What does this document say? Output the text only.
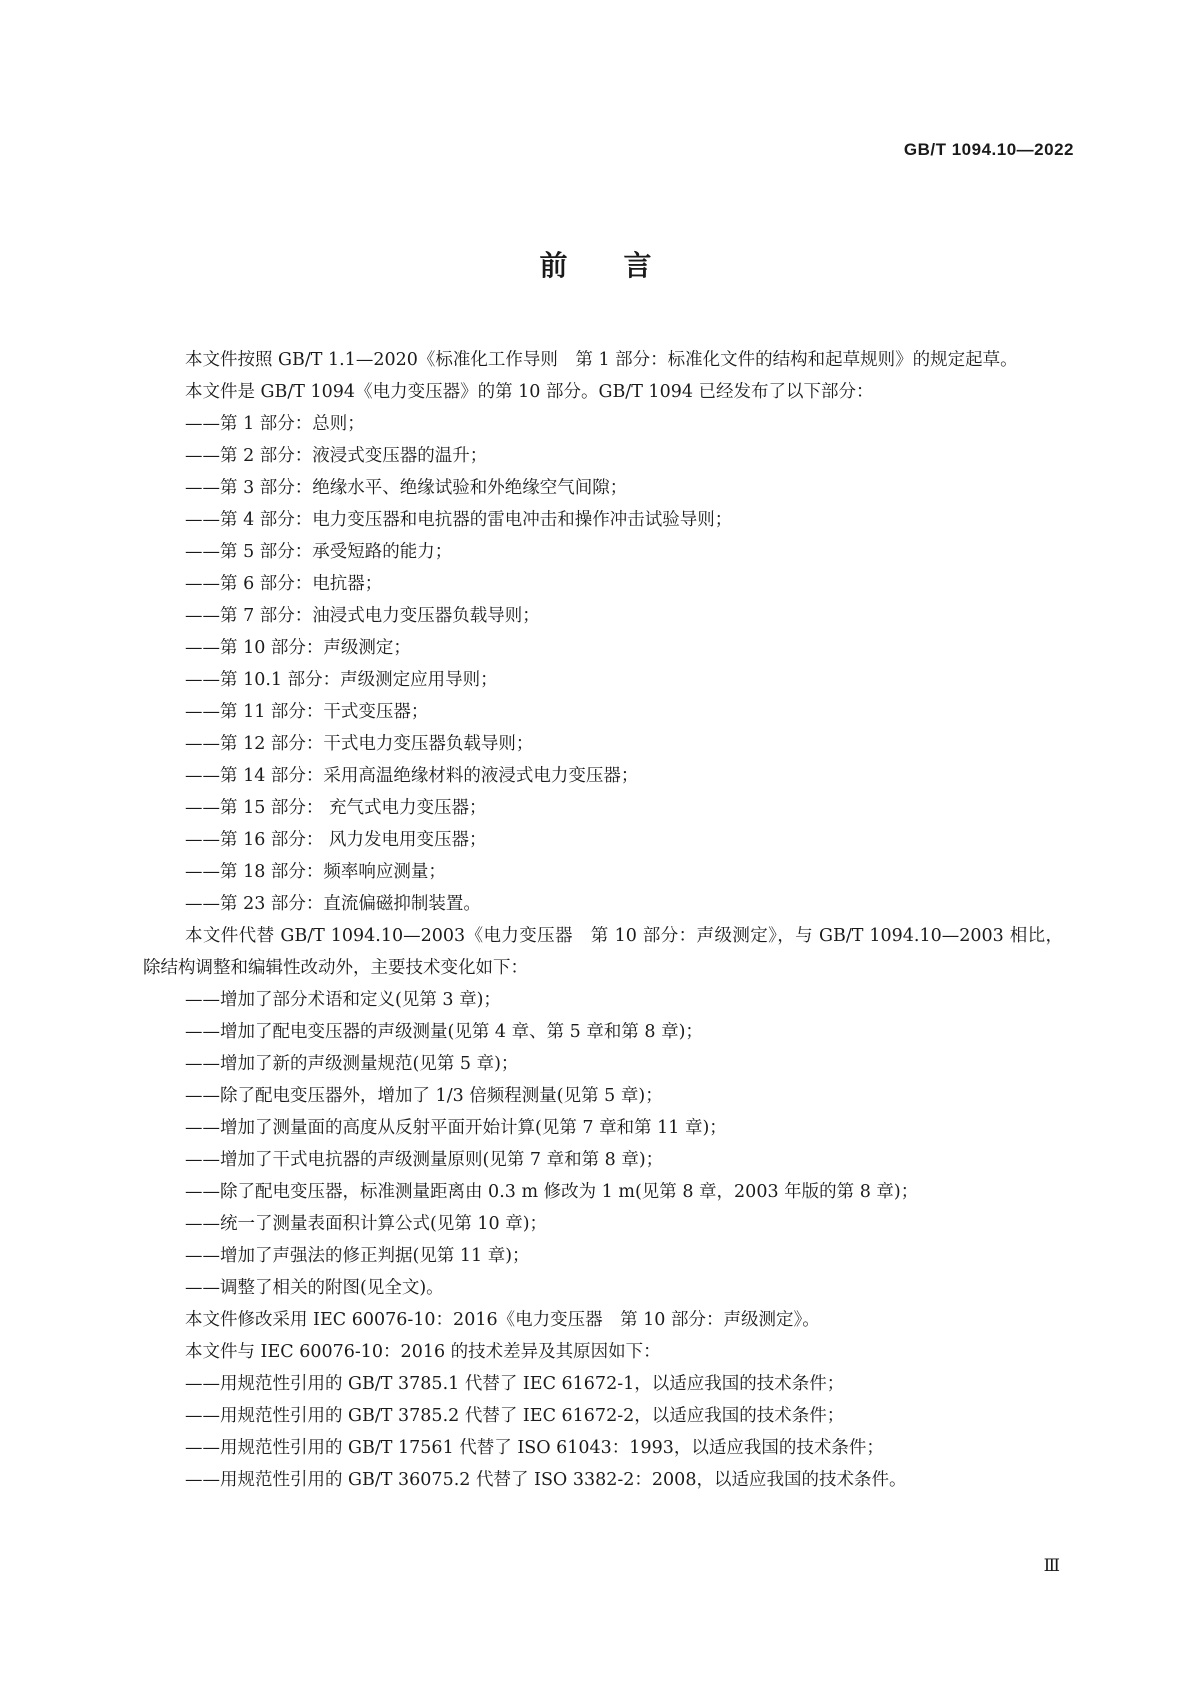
GB/T 1094.10—2022
前言

本文件按照 GB/T 1.1—2020《标准化工作导则　第 1 部分：标准化文件的结构和起草规则》的规定起草。

本文件是 GB/T 1094《电力变压器》的第 10 部分。GB/T 1094 已经发布了以下部分：

——第 1 部分：总则；

——第 2 部分：液浸式变压器的温升；

——第 3 部分：绝缘水平、绝缘试验和外绝缘空气间隙；

——第 4 部分：电力变压器和电抗器的雷电冲击和操作冲击试验导则；

——第 5 部分：承受短路的能力；

——第 6 部分：电抗器；

——第 7 部分：油浸式电力变压器负载导则；

——第 10 部分：声级测定；

——第 10.1 部分：声级测定应用导则；

——第 11 部分：干式变压器；

——第 12 部分：干式电力变压器负载导则；

——第 14 部分：采用高温绝缘材料的液浸式电力变压器；

——第 15 部分： 充气式电力变压器；

——第 16 部分： 风力发电用变压器；

——第 18 部分：频率响应测量；

——第 23 部分：直流偏磁抑制装置。

本文件代替 GB/T 1094.10—2003《电力变压器　第 10 部分：声级测定》，与 GB/T 1094.10—2003 相比，除结构调整和编辑性改动外，主要技术变化如下：

——增加了部分术语和定义(见第 3 章)；

——增加了配电变压器的声级测量(见第 4 章、第 5 章和第 8 章)；

——增加了新的声级测量规范(见第 5 章)；

——除了配电变压器外，增加了 1/3 倍频程测量(见第 5 章)；

——增加了测量面的高度从反射平面开始计算(见第 7 章和第 11 章)；

——增加了干式电抗器的声级测量原则(见第 7 章和第 8 章)；

——除了配电变压器，标准测量距离由 0.3 m 修改为 1 m(见第 8 章，2003 年版的第 8 章)；

——统一了测量表面积计算公式(见第 10 章)；

——增加了声强法的修正判据(见第 11 章)；

——调整了相关的附图(见全文)。

本文件修改采用 IEC 60076-10：2016《电力变压器　第 10 部分：声级测定》。

本文件与 IEC 60076-10：2016 的技术差异及其原因如下：

——用规范性引用的 GB/T 3785.1 代替了 IEC 61672-1，以适应我国的技术条件；

——用规范性引用的 GB/T 3785.2 代替了 IEC 61672-2，以适应我国的技术条件；

——用规范性引用的 GB/T 17561 代替了 ISO 61043：1993，以适应我国的技术条件；

——用规范性引用的 GB/T 36075.2 代替了 ISO 3382-2：2008，以适应我国的技术条件。

Ⅲ
